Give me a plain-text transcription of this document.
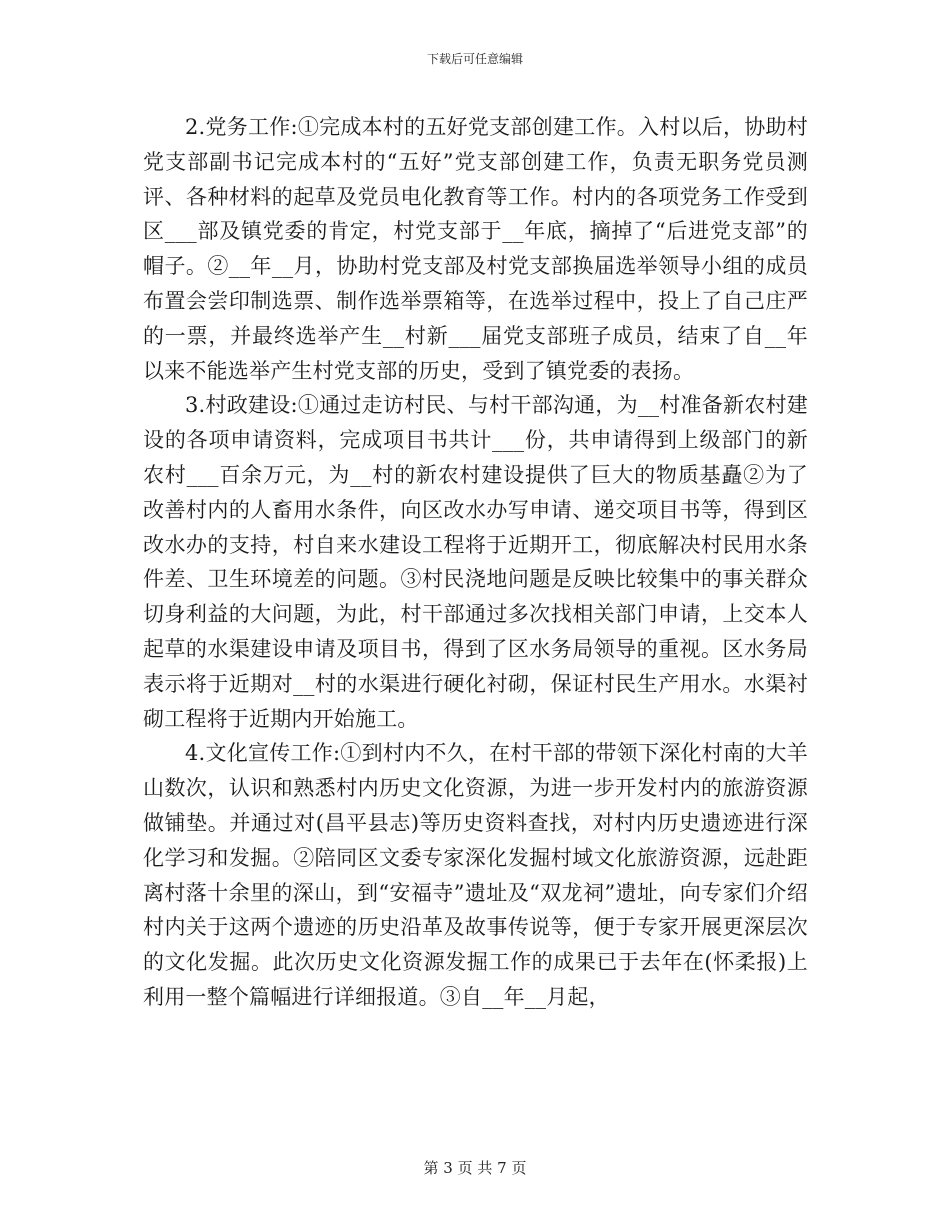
下载后可任意编辑

2.党务工作:①完成本村的五好党支部创建工作。入村以后，协助村党支部副书记完成本村的“五好”党支部创建工作，负责无职务党员测评、各种材料的起草及党员电化教育等工作。村内的各项党务工作受到区___部及镇党委的肯定，村党支部于__年底，摘掉了“后进党支部”的帽子。②__年__月，协助村党支部及村党支部换届选举领导小组的成员布置会尝印制选票、制作选举票箱等，在选举过程中，投上了自己庄严的一票，并最终选举产生__村新___届党支部班子成员，结束了自__年以来不能选举产生村党支部的历史，受到了镇党委的表扬。

3.村政建设:①通过走访村民、与村干部沟通，为__村准备新农村建设的各项申请资料，完成项目书共计___份，共申请得到上级部门的新农村___百余万元，为__村的新农村建设提供了巨大的物质基矗②为了改善村内的人畜用水条件，向区改水办写申请、递交项目书等，得到区改水办的支持，村自来水建设工程将于近期开工，彻底解决村民用水条件差、卫生环境差的问题。③村民浇地问题是反映比较集中的事关群众切身利益的大问题，为此，村干部通过多次找相关部门申请，上交本人起草的水渠建设申请及项目书，得到了区水务局领导的重视。区水务局表示将于近期对__村的水渠进行硬化衬砌，保证村民生产用水。水渠衬砌工程将于近期内开始施工。

4.文化宣传工作:①到村内不久，在村干部的带领下深化村南的大羊山数次，认识和熟悉村内历史文化资源，为进一步开发村内的旅游资源做铺垫。并通过对(昌平县志)等历史资料查找，对村内历史遗迹进行深化学习和发掘。②陪同区文委专家深化发掘村域文化旅游资源，远赴距离村落十余里的深山，到“安福寺”遗址及“双龙祠”遗址，向专家们介绍村内关于这两个遗迹的历史沿革及故事传说等，便于专家开展更深层次的文化发掘。此次历史文化资源发掘工作的成果已于去年在(怀柔报)上利用一整个篇幅进行详细报道。③自__年__月起，

第 3 页 共 7 页
